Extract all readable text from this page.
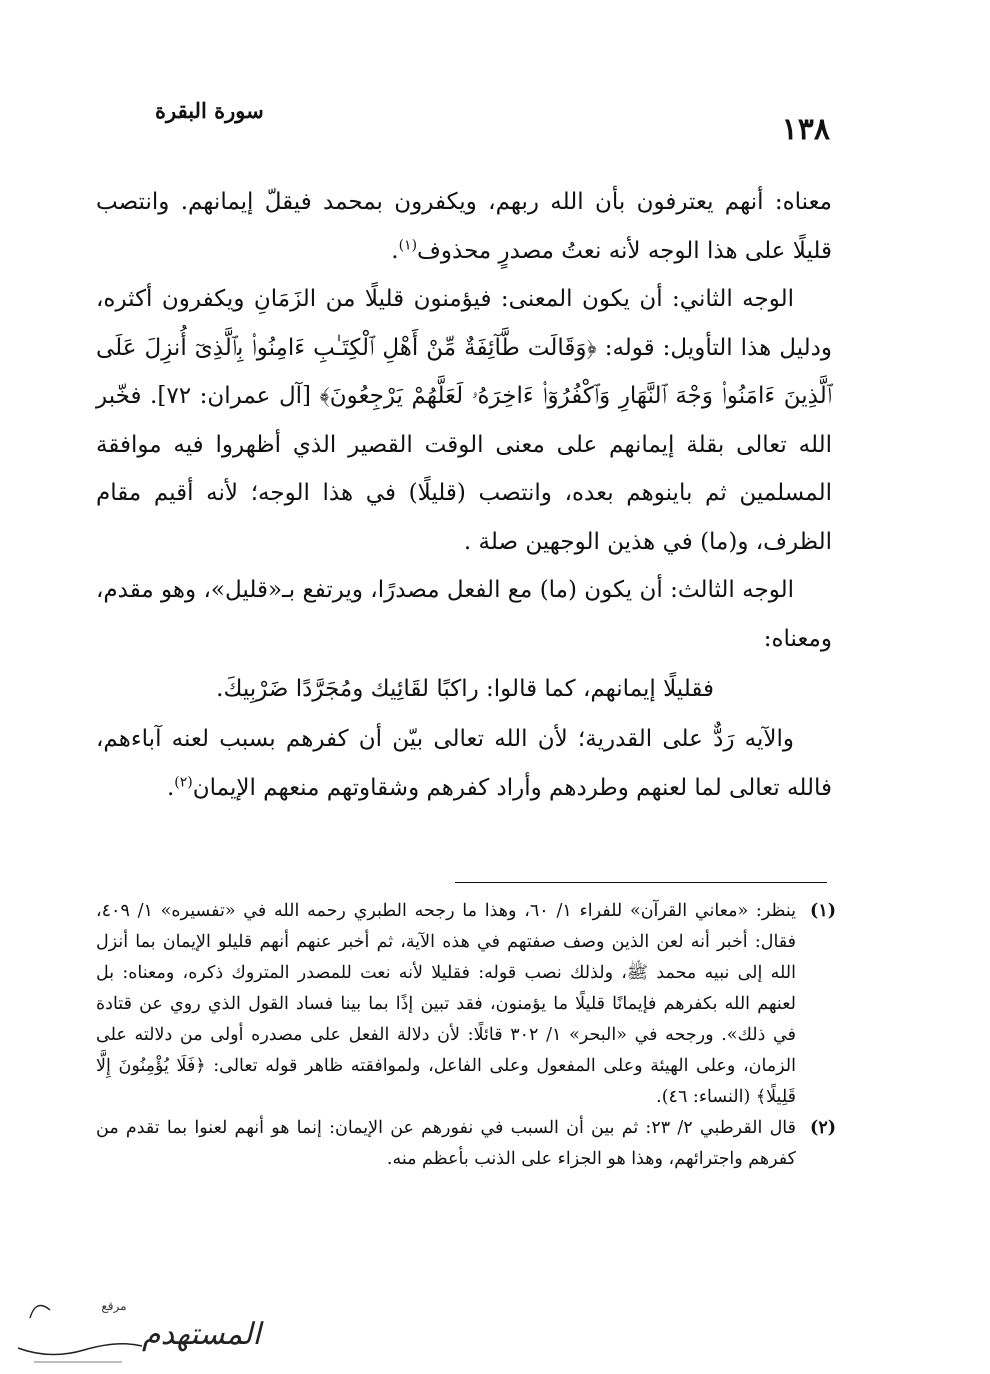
١٣٨
سورة البقرة

معناه: أنهم يعترفون بأن الله ربهم، ويكفرون بمحمد فيقلّ إيمانهم. وانتصب قليلًا على هذا الوجه لأنه نعتُ مصدرٍ محذوف$^{(١)}$.

الوجه الثاني: أن يكون المعنى: فيؤمنون قليلًا من الزَمَانِ ويكفرون أكثره، ودليل هذا التأويل: قوله: ﴿وَقَالَت طَّآئِفَةٌ مِّنْ أَهْلِ ٱلْكِتَـٰبِ ءَامِنُوا۟ بِٱلَّذِىٓ أُنزِلَ عَلَى ٱلَّذِينَ ءَامَنُوا۟ وَجْهَ ٱلنَّهَارِ وَٱكْفُرُوٓا۟ ءَاخِرَهُۥ لَعَلَّهُمْ يَرْجِعُونَ﴾ [آل عمران: ٧٢]. فخّبر الله تعالى بقلة إيمانهم على معنى الوقت القصير الذي أظهروا فيه موافقة المسلمين ثم باينوهم بعده، وانتصب (قليلًا) في هذا الوجه؛ لأنه أقيم مقام الظرف، و(ما) في هذين الوجهين صلة .

الوجه الثالث: أن يكون (ما) مع الفعل مصدرًا، ويرتفع بـ«قليل»، وهو مقدم، ومعناه:

فقليلًا إيمانهم، كما قالوا: راكبًا لقَائِيك ومُجَرَّدًا ضَرْبِيكَ.

والآيه رَدٌّ على القدرية؛ لأن الله تعالى بيّن أن كفرهم بسبب لعنه آباءهم، فالله تعالى لما لعنهم وطردهم وأراد كفرهم وشقاوتهم منعهم الإيمان$^{(٢)}$.

(١)
ينظر: «معاني القرآن» للفراء ١/ ٦٠، وهذا ما رجحه الطبري رحمه الله في «تفسيره» ١/ ٤٠٩، فقال: أخبر أنه لعن الذين وصف صفتهم في هذه الآية، ثم أخبر عنهم أنهم قليلو الإيمان بما أنزل الله إلى نبيه محمد ﷺ، ولذلك نصب قوله: فقليلا لأنه نعت للمصدر المتروك ذكره، ومعناه: بل لعنهم الله بكفرهم فإيمانًا قليلًا ما يؤمنون، فقد تبين إذًا بما بينا فساد القول الذي روي عن قتادة في ذلك». ورجحه في «البحر» ١/ ٣٠٢ قائلًا: لأن دلالة الفعل على مصدره أولى من دلالته على الزمان، وعلى الهيئة وعلى المفعول وعلى الفاعل، ولموافقته ظاهر قوله تعالى: ﴿فَلَا يُؤْمِنُونَ إِلَّا قَلِيلًا﴾ (النساء: ٤٦).
(٢)
قال القرطبي ٢/ ٢٣: ثم بين أن السبب في نفورهم عن الإيمان: إنما هو أنهم لعنوا بما تقدم من كفرهم واجترائهم، وهذا هو الجزاء على الذنب بأعظم منه.
المستهدم
مرقع
